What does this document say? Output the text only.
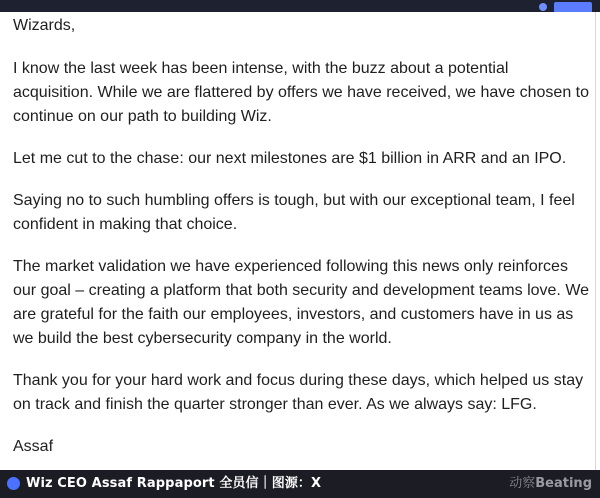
Wizards,

I know the last week has been intense, with the buzz about a potential acquisition. While we are flattered by offers we have received, we have chosen to continue on our path to building Wiz.

Let me cut to the chase: our next milestones are $1 billion in ARR and an IPO.

Saying no to such humbling offers is tough, but with our exceptional team, I feel confident in making that choice.

The market validation we have experienced following this news only reinforces our goal – creating a platform that both security and development teams love. We are grateful for the faith our employees, investors, and customers have in us as we build the best cybersecurity company in the world.

Thank you for your hard work and focus during these days, which helped us stay on track and finish the quarter stronger than ever. As we always say: LFG.

Assaf

Wiz CEO Assaf Rappaport 全员信｜图源：X	动察Beating
